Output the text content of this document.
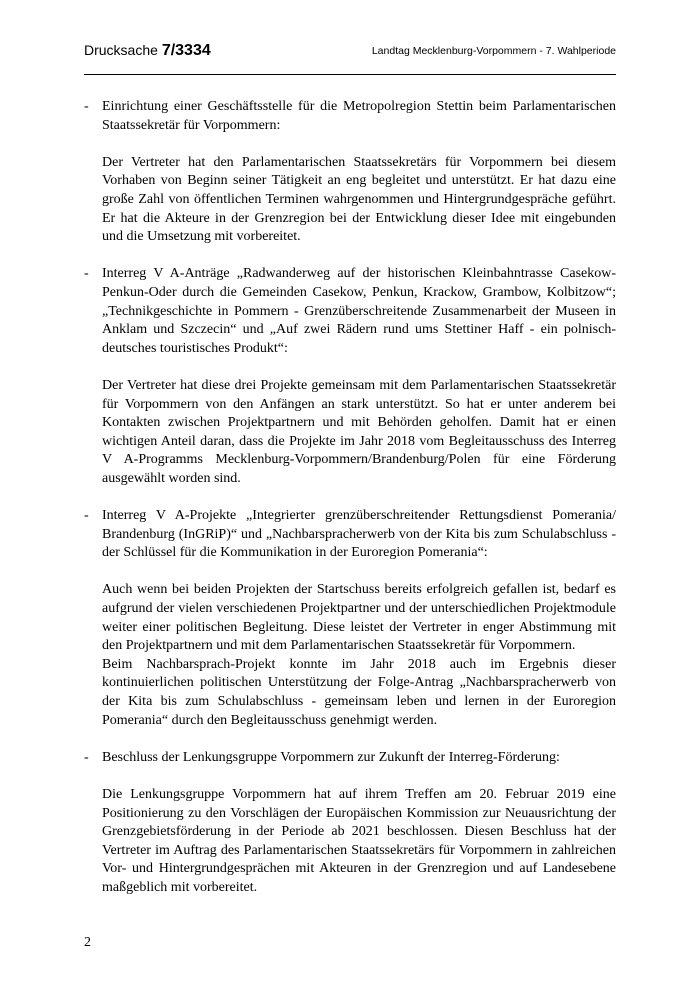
Drucksache 7/3334	Landtag Mecklenburg-Vorpommern - 7. Wahlperiode
- Einrichtung einer Geschäftsstelle für die Metropolregion Stettin beim Parlamentarischen Staatssekretär für Vorpommern:

Der Vertreter hat den Parlamentarischen Staatssekretärs für Vorpommern bei diesem Vorhaben von Beginn seiner Tätigkeit an eng begleitet und unterstützt. Er hat dazu eine große Zahl von öffentlichen Terminen wahrgenommen und Hintergrundgespräche geführt. Er hat die Akteure in der Grenzregion bei der Entwicklung dieser Idee mit eingebunden und die Umsetzung mit vorbereitet.

- Interreg V A-Anträge „Radwanderweg auf der historischen Kleinbahntrasse Casekow-Penkun-Oder durch die Gemeinden Casekow, Penkun, Krackow, Grambow, Kolbitzow“; „Technikgeschichte in Pommern - Grenzüberschreitende Zusammenarbeit der Museen in Anklam und Szczecin“ und „Auf zwei Rädern rund ums Stettiner Haff - ein polnisch-deutsches touristisches Produkt“:

Der Vertreter hat diese drei Projekte gemeinsam mit dem Parlamentarischen Staatssekretär für Vorpommern von den Anfängen an stark unterstützt. So hat er unter anderem bei Kontakten zwischen Projektpartnern und mit Behörden geholfen. Damit hat er einen wichtigen Anteil daran, dass die Projekte im Jahr 2018 vom Begleitausschuss des Interreg V A-Programms Mecklenburg-Vorpommern/Brandenburg/Polen für eine Förderung ausgewählt worden sind.

- Interreg V A-Projekte „Integrierter grenzüberschreitender Rettungsdienst Pomerania/ Brandenburg (InGRiP)“ und „Nachbarspracherwerb von der Kita bis zum Schulabschluss - der Schlüssel für die Kommunikation in der Euroregion Pomerania“:

Auch wenn bei beiden Projekten der Startschuss bereits erfolgreich gefallen ist, bedarf es aufgrund der vielen verschiedenen Projektpartner und der unterschiedlichen Projektmodule weiter einer politischen Begleitung. Diese leistet der Vertreter in enger Abstimmung mit den Projektpartnern und mit dem Parlamentarischen Staatssekretär für Vorpommern.

Beim Nachbarsprach-Projekt konnte im Jahr 2018 auch im Ergebnis dieser kontinuierlichen politischen Unterstützung der Folge-Antrag „Nachbarspracherwerb von der Kita bis zum Schulabschluss - gemeinsam leben und lernen in der Euroregion Pomerania“ durch den Begleitausschuss genehmigt werden.

- Beschluss der Lenkungsgruppe Vorpommern zur Zukunft der Interreg-Förderung:

Die Lenkungsgruppe Vorpommern hat auf ihrem Treffen am 20. Februar 2019 eine Positionierung zu den Vorschlägen der Europäischen Kommission zur Neuausrichtung der Grenzgebietsförderung in der Periode ab 2021 beschlossen. Diesen Beschluss hat der Vertreter im Auftrag des Parlamentarischen Staatssekretärs für Vorpommern in zahlreichen Vor- und Hintergrundgesprächen mit Akteuren in der Grenzregion und auf Landesebene maßgeblich mit vorbereitet.

2
